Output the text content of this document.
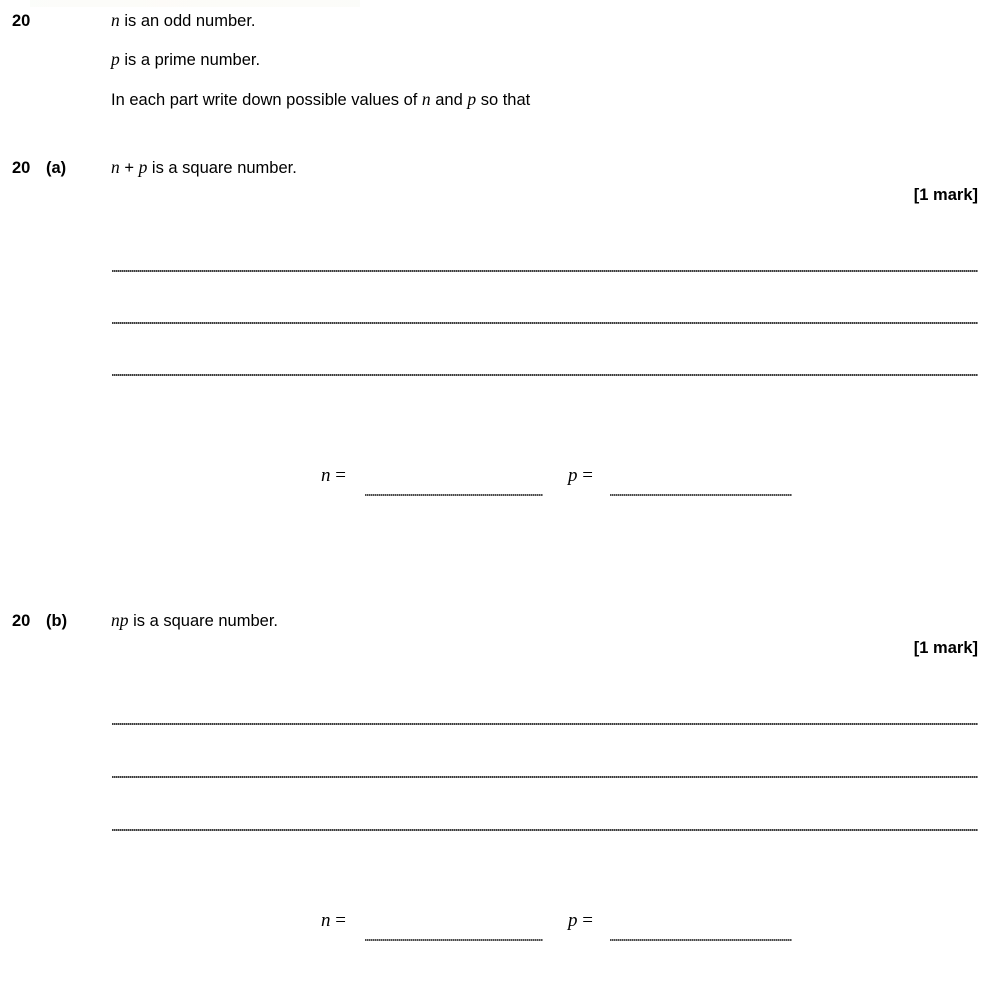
20	n is an odd number.
p is a prime number.
In each part write down possible values of n and p so that
20 (a)	n + p is a square number.
[1 mark]
n =	p =
20 (b)	np is a square number.
[1 mark]
n =	p =
